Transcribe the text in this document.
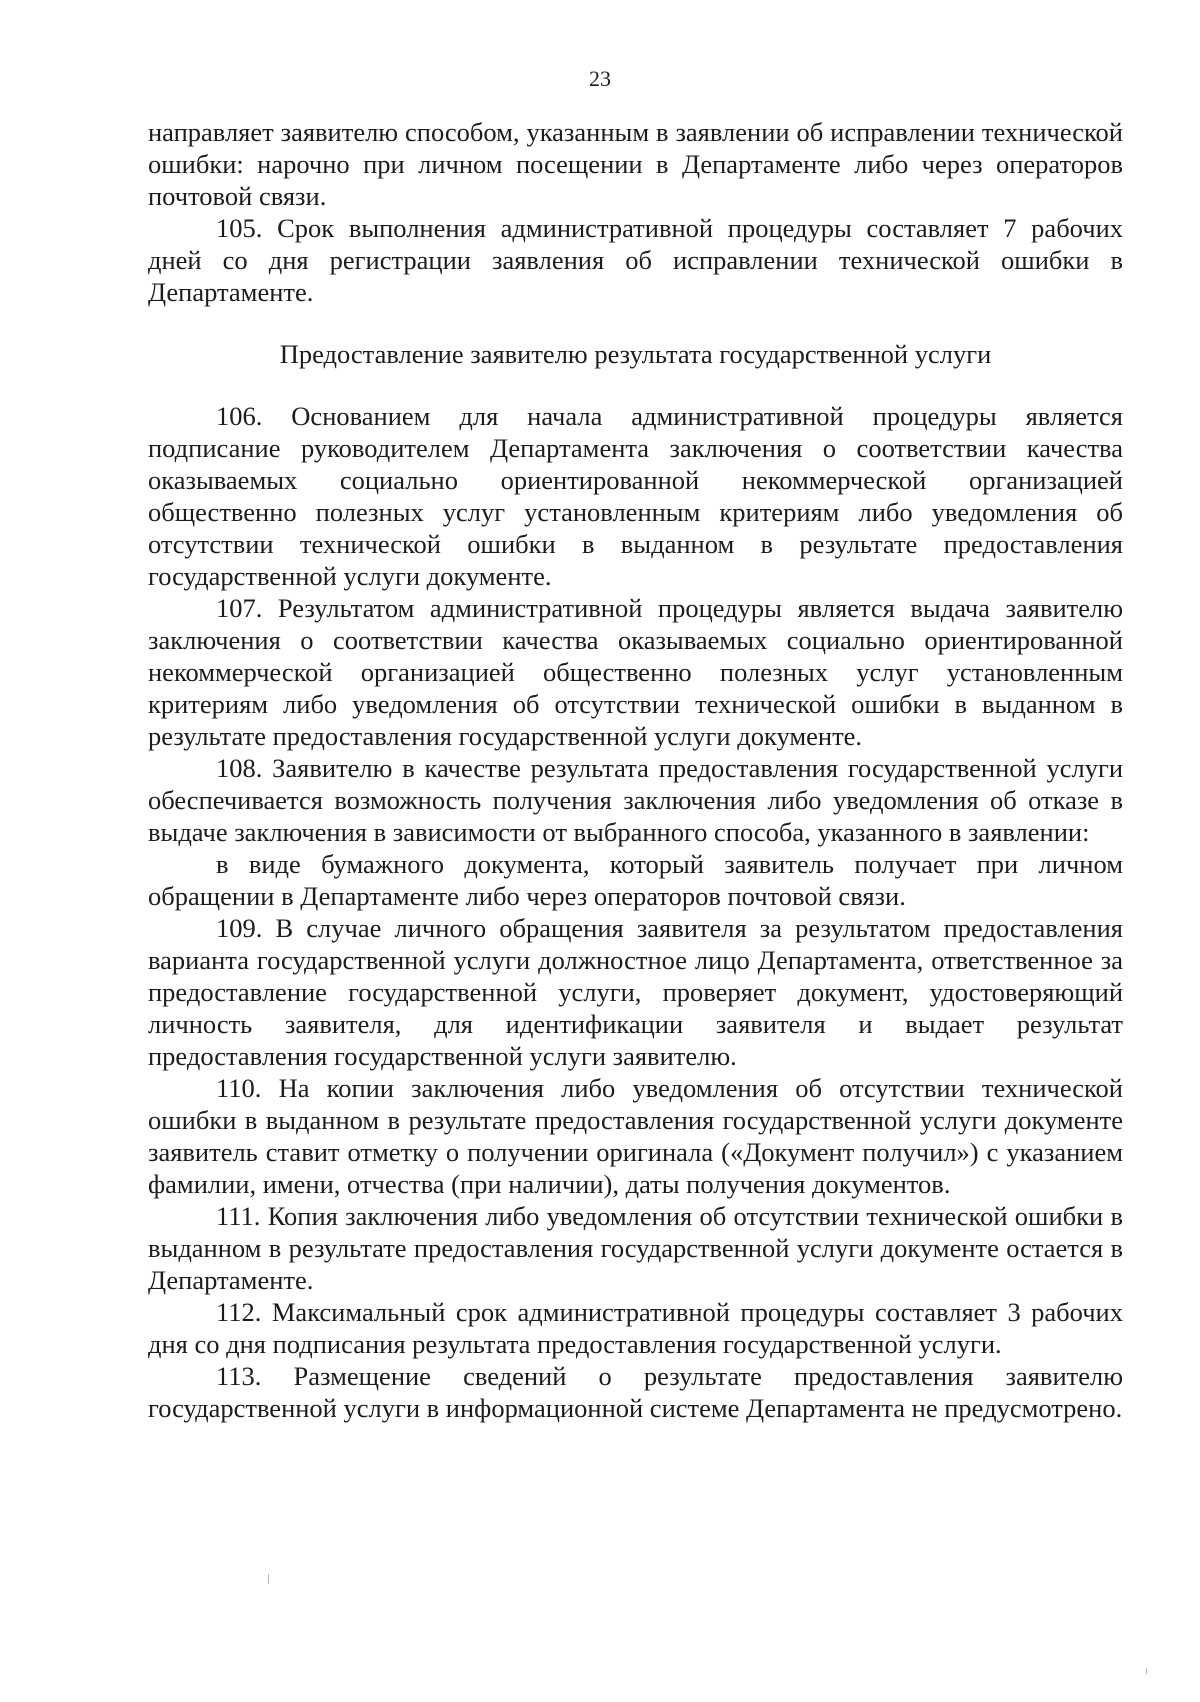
23

направляет заявителю способом, указанным в заявлении об исправлении технической ошибки: нарочно при личном посещении в Департаменте либо через операторов почтовой связи.

105. Срок выполнения административной процедуры составляет 7 рабочих дней со дня регистрации заявления об исправлении технической ошибки в Департаменте.

Предоставление заявителю результата государственной услуги

106. Основанием для начала административной процедуры является подписание руководителем Департамента заключения о соответствии качества оказываемых социально ориентированной некоммерческой организацией общественно полезных услуг установленным критериям либо уведомления об отсутствии технической ошибки в выданном в результате предоставления государственной услуги документе.

107. Результатом административной процедуры является выдача заявителю заключения о соответствии качества оказываемых социально ориентированной некоммерческой организацией общественно полезных услуг установленным критериям либо уведомления об отсутствии технической ошибки в выданном в результате предоставления государственной услуги документе.

108. Заявителю в качестве результата предоставления государственной услуги обеспечивается возможность получения заключения либо уведомления об отказе в выдаче заключения в зависимости от выбранного способа, указанного в заявлении:

в виде бумажного документа, который заявитель получает при личном обращении в Департаменте либо через операторов почтовой связи.

109. В случае личного обращения заявителя за результатом предоставления варианта государственной услуги должностное лицо Департамента, ответственное за предоставление государственной услуги, проверяет документ, удостоверяющий личность заявителя, для идентификации заявителя и выдает результат предоставления государственной услуги заявителю.

110. На копии заключения либо уведомления об отсутствии технической ошибки в выданном в результате предоставления государственной услуги документе заявитель ставит отметку о получении оригинала («Документ получил») с указанием фамилии, имени, отчества (при наличии), даты получения документов.

111. Копия заключения либо уведомления об отсутствии технической ошибки в выданном в результате предоставления государственной услуги документе остается в Департаменте.

112. Максимальный срок административной процедуры составляет 3 рабочих дня со дня подписания результата предоставления государственной услуги.

113. Размещение сведений о результате предоставления заявителю государственной услуги в информационной системе Департамента не предусмотрено.
